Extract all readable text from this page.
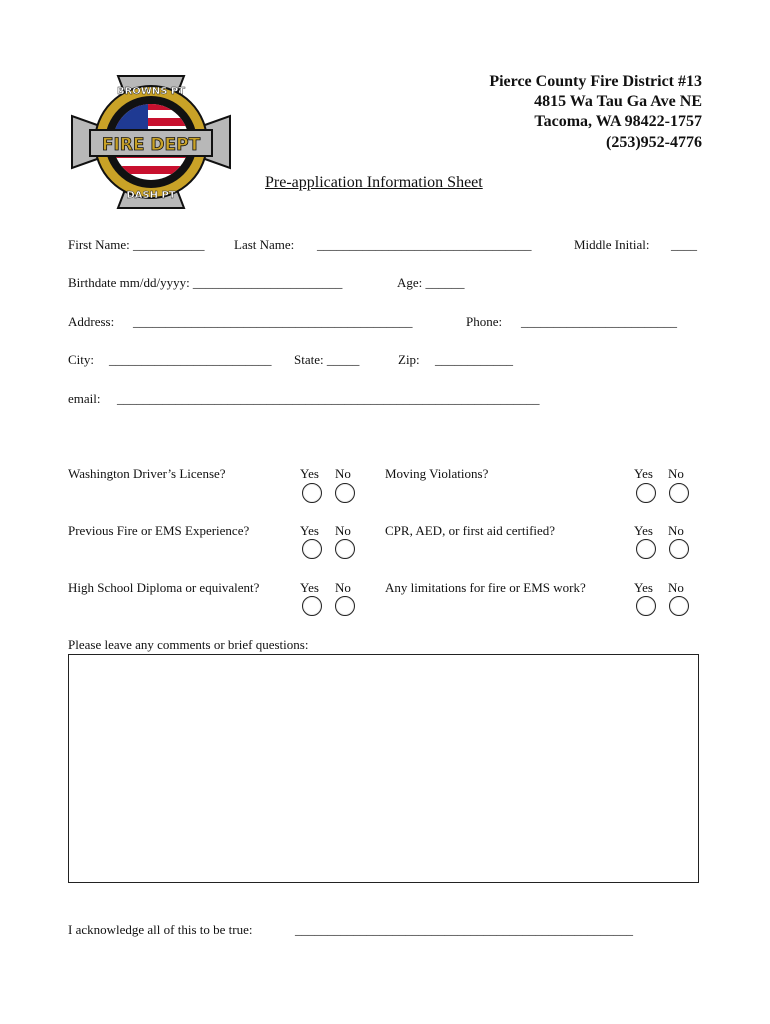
BROWNS PT
FIRE DEPT
DASH PT
Pierce County Fire District #13
4815 Wa Tau Ga Ave NE
Tacoma, WA 98422-1757
(253)952-4776
Pre-application Information Sheet
First Name: ___________ Last Name: _________________________________	Middle Initial: ____
Birthdate mm/dd/yyyy: _______________________	Age: ______
Address: ___________________________________________	Phone: ________________________
City: _________________________ State: _____	Zip: ____________
email: _________________________________________________________________
Washington Driver’s License?	Yes No	Moving Violations?	Yes No
Previous Fire or EMS Experience?	Yes No	CPR, AED, or first aid certified?	Yes No
High School Diploma or equivalent?	Yes No	Any limitations for fire or EMS work?	Yes No
Please leave any comments or brief questions:
I acknowledge all of this to be true:	____________________________________________________
